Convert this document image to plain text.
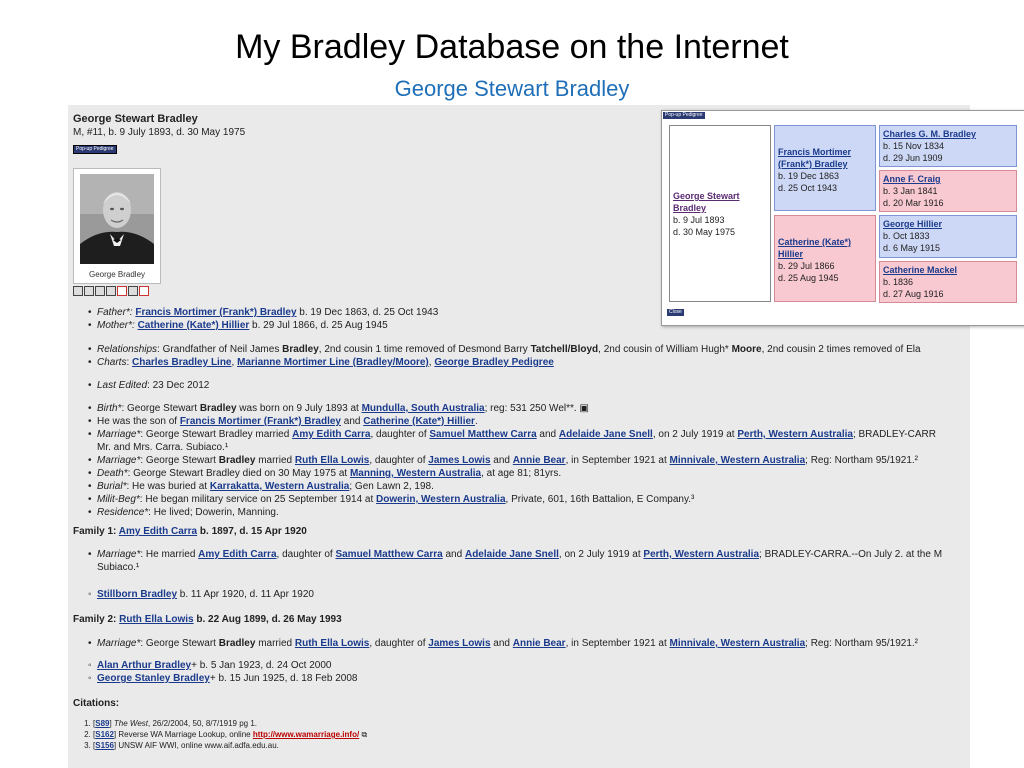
My Bradley Database on the Internet
George Stewart Bradley
George Stewart Bradley
M, #11, b. 9 July 1893, d. 30 May 1975
Pop-up Pedigree
George Bradley
• Father*: Francis Mortimer (Frank*) Bradley b. 19 Dec 1863, d. 25 Oct 1943
• Mother*: Catherine (Kate*) Hillier b. 29 Jul 1866, d. 25 Aug 1945
• Relationships: Grandfather of Neil James Bradley, 2nd cousin 1 time removed of Desmond Barry Tatchell/Bloyd, 2nd cousin of William Hugh* Moore, 2nd cousin 2 times removed of Ela
• Charts: Charles Bradley Line, Marianne Mortimer Line (Bradley/Moore), George Bradley Pedigree
• Last Edited: 23 Dec 2012
• Birth*: George Stewart Bradley was born on 9 July 1893 at Mundulla, South Australia; reg: 531 250 Wel**. ▣
• He was the son of Francis Mortimer (Frank*) Bradley and Catherine (Kate*) Hillier.
• Marriage*: George Stewart Bradley married Amy Edith Carra, daughter of Samuel Matthew Carra and Adelaide Jane Snell, on 2 July 1919 at Perth, Western Australia; BRADLEY-CARR
Mr. and Mrs. Carra. Subiaco.¹
• Marriage*: George Stewart Bradley married Ruth Ella Lowis, daughter of James Lowis and Annie Bear, in September 1921 at Minnivale, Western Australia; Reg: Northam 95/1921.²
• Death*: George Stewart Bradley died on 30 May 1975 at Manning, Western Australia, at age 81; 81yrs.
• Burial*: He was buried at Karrakatta, Western Australia; Gen Lawn 2, 198.
• Milit-Beg*: He began military service on 25 September 1914 at Dowerin, Western Australia, Private, 601, 16th Battalion, E Company.³
• Residence*: He lived; Dowerin, Manning.
Family 1: Amy Edith Carra b. 1897, d. 15 Apr 1920
• Marriage*: He married Amy Edith Carra, daughter of Samuel Matthew Carra and Adelaide Jane Snell, on 2 July 1919 at Perth, Western Australia; BRADLEY-CARRA.--On July 2. at the M
Subiaco.¹
◦ Stillborn Bradley b. 11 Apr 1920, d. 11 Apr 1920
Family 2: Ruth Ella Lowis b. 22 Aug 1899, d. 26 May 1993
• Marriage*: George Stewart Bradley married Ruth Ella Lowis, daughter of James Lowis and Annie Bear, in September 1921 at Minnivale, Western Australia; Reg: Northam 95/1921.²
◦ Alan Arthur Bradley+ b. 5 Jan 1923, d. 24 Oct 2000
◦ George Stanley Bradley+ b. 15 Jun 1925, d. 18 Feb 2008
Citations:
1. [S89] The West, 26/2/2004, 50, 8/7/1919 pg 1.
2. [S162] Reverse WA Marriage Lookup, online http://www.wamarriage.info/ ⧉
3. [S156] UNSW AIF WWI, online www.aif.adfa.edu.au.
Pop-up Pedigree
George Stewart Bradley
b. 9 Jul 1893
d. 30 May 1975
Francis Mortimer (Frank*) Bradley
b. 19 Dec 1863
d. 25 Oct 1943
Catherine (Kate*) Hillier
b. 29 Jul 1866
d. 25 Aug 1945
Charles G. M. Bradley
b. 15 Nov 1834
d. 29 Jun 1909
Anne F. Craig
b. 3 Jan 1841
d. 20 Mar 1916
George Hillier
b. Oct 1833
d. 6 May 1915
Catherine Mackel
b. 1836
d. 27 Aug 1916
Close
